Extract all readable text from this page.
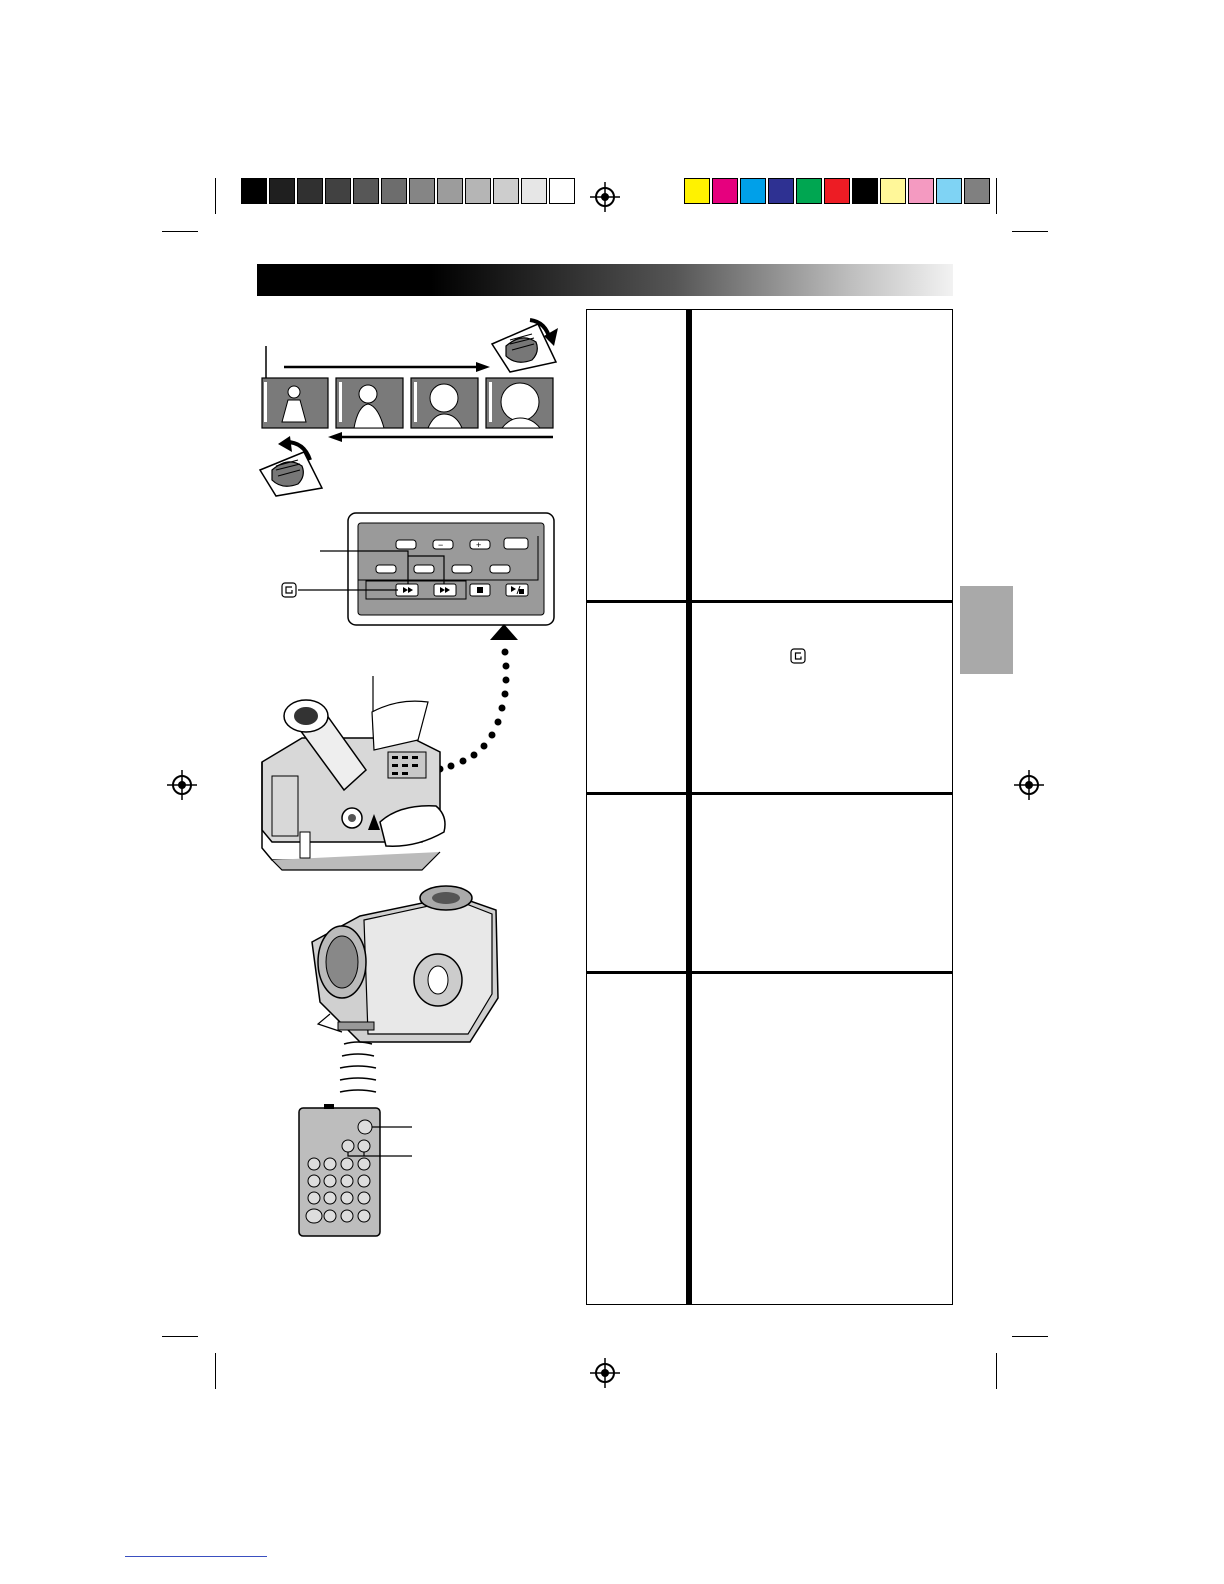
−	+
